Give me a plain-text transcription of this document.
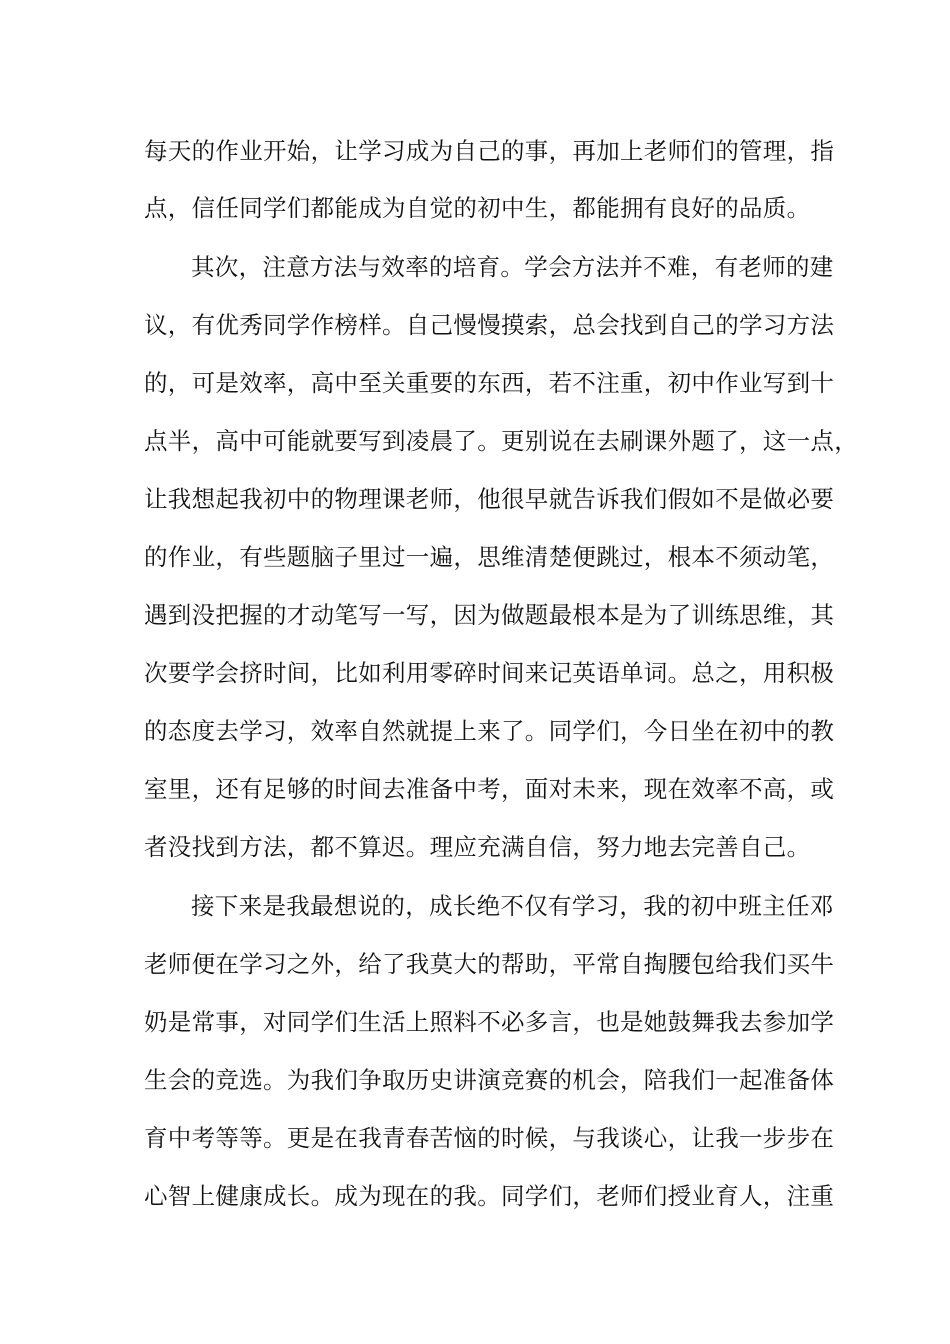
每天的作业开始，让学习成为自己的事，再加上老师们的管理，指
点，信任同学们都能成为自觉的初中生，都能拥有良好的品质。
其次，注意方法与效率的培育。学会方法并不难，有老师的建
议，有优秀同学作榜样。自己慢慢摸索，总会找到自己的学习方法
的，可是效率，高中至关重要的东西，若不注重，初中作业写到十
点半，高中可能就要写到凌晨了。更别说在去刷课外题了，这一点，
让我想起我初中的物理课老师，他很早就告诉我们假如不是做必要
的作业，有些题脑子里过一遍，思维清楚便跳过，根本不须动笔，
遇到没把握的才动笔写一写，因为做题最根本是为了训练思维，其
次要学会挤时间，比如利用零碎时间来记英语单词。总之，用积极
的态度去学习，效率自然就提上来了。同学们，今日坐在初中的教
室里，还有足够的时间去准备中考，面对未来，现在效率不高，或
者没找到方法，都不算迟。理应充满自信，努力地去完善自己。
接下来是我最想说的，成长绝不仅有学习，我的初中班主任邓
老师便在学习之外，给了我莫大的帮助，平常自掏腰包给我们买牛
奶是常事，对同学们生活上照料不必多言，也是她鼓舞我去参加学
生会的竞选。为我们争取历史讲演竞赛的机会，陪我们一起准备体
育中考等等。更是在我青春苦恼的时候，与我谈心，让我一步步在
心智上健康成长。成为现在的我。同学们，老师们授业育人，注重
